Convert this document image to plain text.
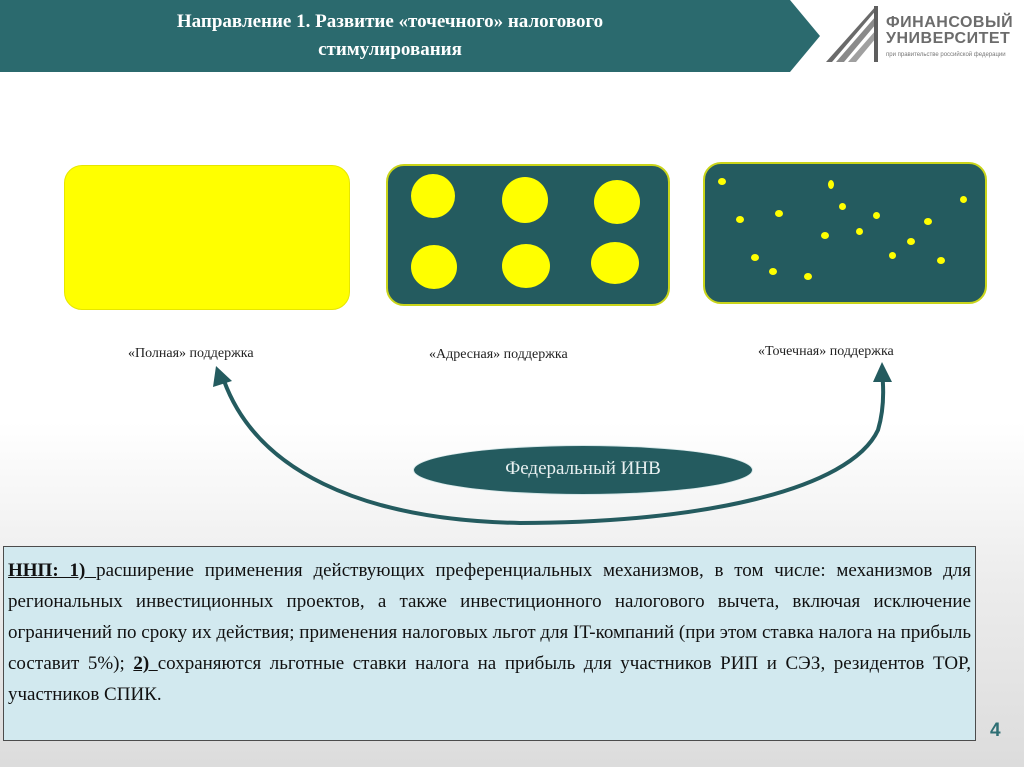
Направление 1. Развитие «точечного» налогового
стимулирования
ФИНАНСОВЫЙ
УНИВЕРСИТЕТ
при правительстве российской федерации
«Полная» поддержка	«Адресная» поддержка	«Точечная» поддержка
Федеральный ИНВ
ННП: 1) расширение применения действующих преференциальных механизмов, в том числе: механизмов для региональных инвестиционных проектов, а также инвестиционного налогового вычета, включая исключение ограничений по сроку их действия; применения налоговых льгот для IT-компаний (при этом ставка налога на прибыль составит 5%); 2) сохраняются льготные ставки налога на прибыль для участников РИП и СЭЗ, резидентов ТОР, участников СПИК.
4
